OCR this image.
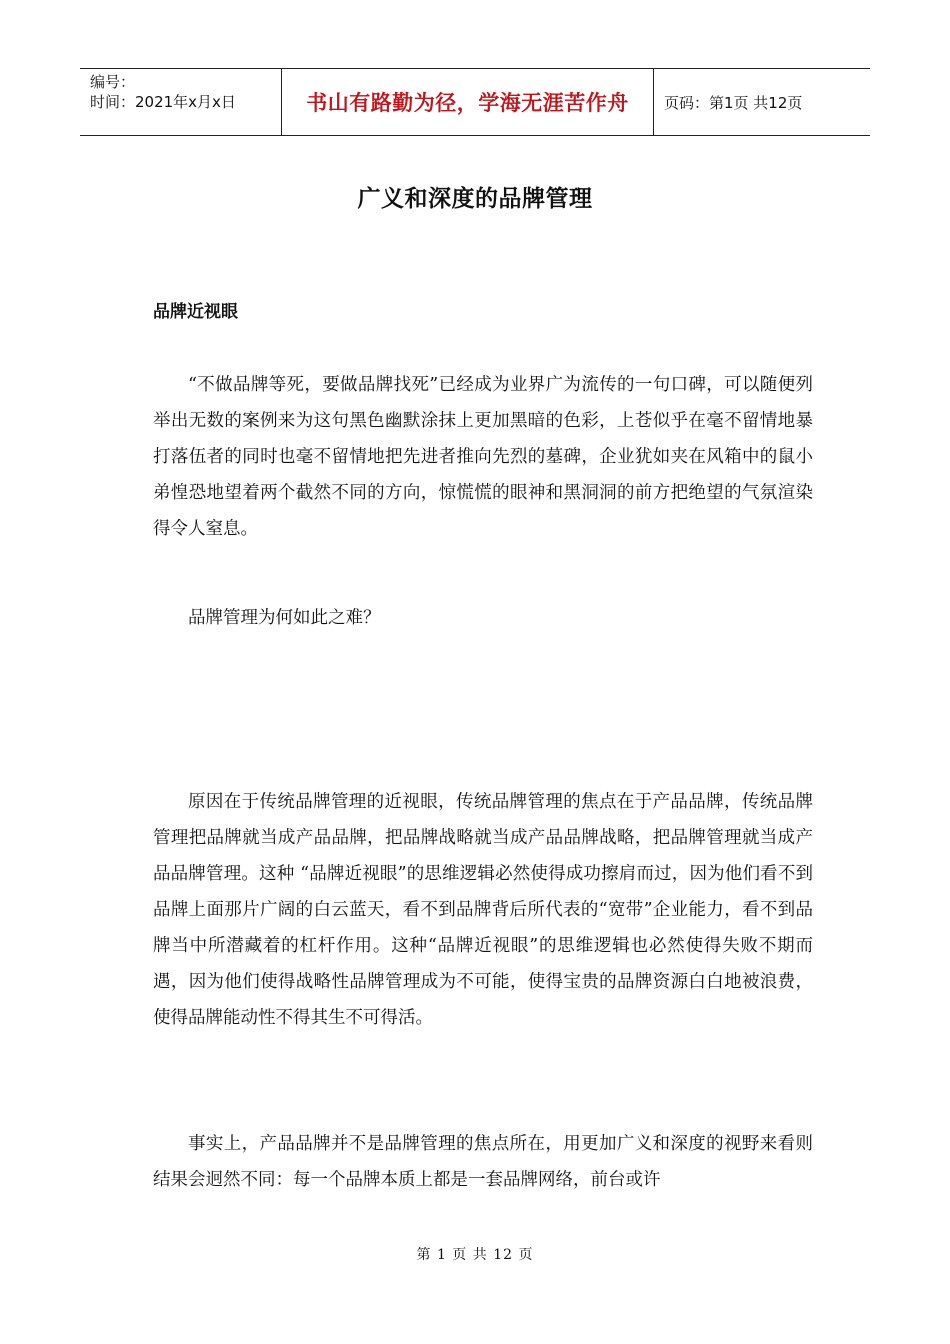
编号：
时间：2021年x月x日	书山有路勤为径，学海无涯苦作舟	页码：第1页 共12页
广义和深度的品牌管理
品牌近视眼

“不做品牌等死，要做品牌找死”已经成为业界广为流传的一句口碑，可以随便列举出无数的案例来为这句黑色幽默涂抹上更加黑暗的色彩，上苍似乎在毫不留情地暴打落伍者的同时也毫不留情地把先进者推向先烈的墓碑，企业犹如夹在风箱中的鼠小弟惶恐地望着两个截然不同的方向，惊慌慌的眼神和黑洞洞的前方把绝望的气氛渲染得令人窒息。

品牌管理为何如此之难？

原因在于传统品牌管理的近视眼，传统品牌管理的焦点在于产品品牌，传统品牌管理把品牌就当成产品品牌，把品牌战略就当成产品品牌战略，把品牌管理就当成产品品牌管理。这种 “品牌近视眼”的思维逻辑必然使得成功擦肩而过，因为他们看不到品牌上面那片广阔的白云蓝天，看不到品牌背后所代表的“宽带”企业能力，看不到品牌当中所潜藏着的杠杆作用。这种“品牌近视眼”的思维逻辑也必然使得失败不期而遇，因为他们使得战略性品牌管理成为不可能，使得宝贵的品牌资源白白地被浪费，使得品牌能动性不得其生不可得活。

事实上，产品品牌并不是品牌管理的焦点所在，用更加广义和深度的视野来看则结果会迥然不同：每一个品牌本质上都是一套品牌网络，前台或许

第 1 页 共 12 页
